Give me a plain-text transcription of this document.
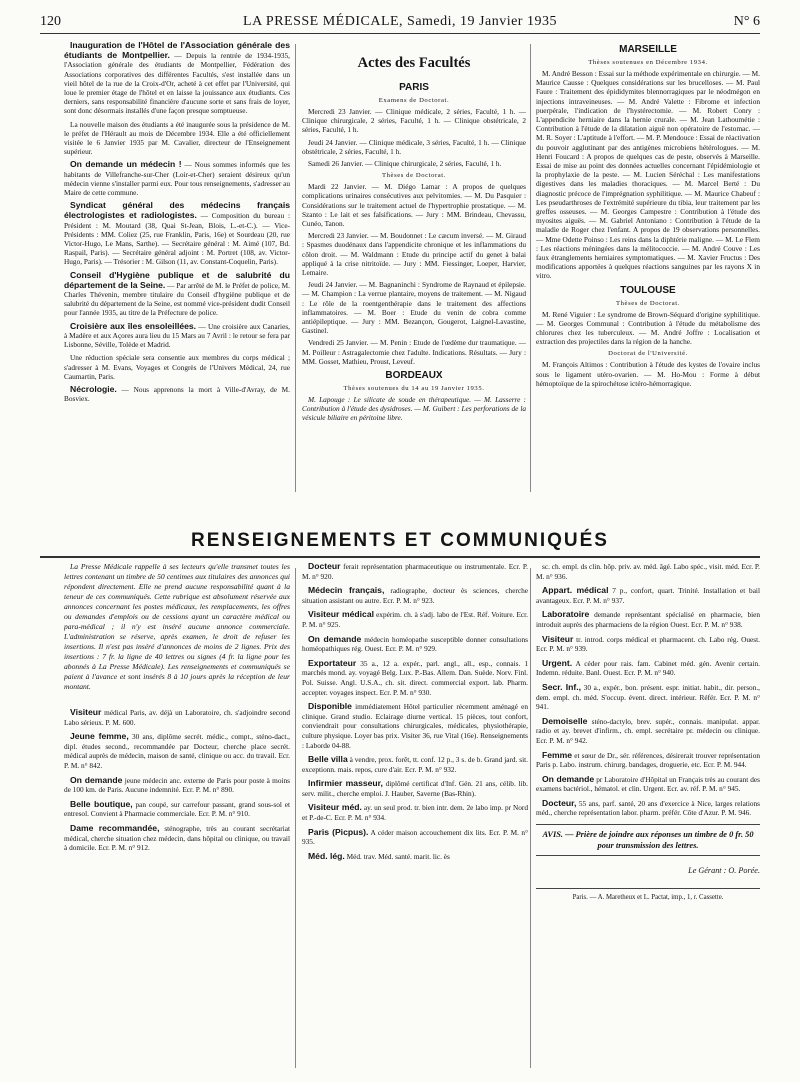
120	LA PRESSE MÉDICALE, Samedi, 19 Janvier 1935	N° 6
Inauguration de l'Hôtel de l'Association générale des étudiants de Montpellier. — Depuis la rentrée de 1934-1935, l'Association générale des étudiants de Montpellier, Fédération des Associations corporatives des différentes Facultés, s'est installée dans un vieil hôtel de la rue de la Croix-d'Or, acheté à cet effet par l'Université, qui loue le premier étage de l'hôtel et en laisse la jouissance aux étudiants. Ces derniers, sans responsabilité financière d'aucune sorte et sans frais de loyer, sont donc désormais installés d'une façon presque somptueuse.
La nouvelle maison des étudiants a été inaugurée sous la présidence de M. le préfet de l'Hérault au mois de Décembre 1934. Elle a été officiellement visitée le 6 Janvier 1935 par M. Cavalier, directeur de l'Enseignement supérieur.
On demande un médecin ! — Nous sommes informés que les habitants de Villefranche-sur-Cher (Loir-et-Cher) seraient désireux qu'un médecin vienne s'installer parmi eux. Pour tous renseignements, s'adresser au Maire de cette commune.
Syndicat général des médecins français électrologistes et radiologistes. — Composition du bureau : Président : M. Moutard (38, Quai St-Jean, Blois, L.-et-C.). — Vice-Présidents : MM. Coliez (25, rue Franklin, Paris, 16e) et Sourdeau (20, rue Victor-Hugo, Le Mans, Sarthe). — Secrétaire général : M. Aimé (107, Bd. Raspail, Paris). — Secrétaire général adjoint : M. Portret (108, av. Victor-Hugo, Paris). — Trésorier : M. Gilson (11, av. Constant-Coquelin, Paris).
Conseil d'Hygiène publique et de salubrité du département de la Seine. — Par arrêté de M. le Préfet de police, M. Charles Thévenin, membre titulaire du Conseil d'hygiène publique et de salubrité du département de la Seine, est nommé vice-président dudit Conseil pour l'année 1935, au titre de la Préfecture de police.
Croisière aux îles ensoleillées. — Une croisière aux Canaries, à Madère et aux Açores aura lieu du 15 Mars au 7 Avril : le retour se fera par Lisbonne, Séville, Tolède et Madrid.
Une réduction spéciale sera consentie aux membres du corps médical ; s'adresser à M. Evans, Voyages et Congrès de l'Univers Médical, 24, rue Caumartin, Paris.
Nécrologie. — Nous apprenons la mort à Ville-d'Avray, de M. Bosviex.
Actes des Facultés
PARIS
Examens de Doctorat.
Mercredi 23 Janvier. — Clinique médicale, 2 séries, Faculté, 1 h. — Clinique chirurgicale, 2 séries, Faculté, 1 h. — Clinique obstétricale, 2 séries, Faculté, 1 h.
Jeudi 24 Janvier. — Clinique médicale, 3 séries, Faculté, 1 h. — Clinique obstétricale, 2 séries, Faculté, 1 h.
Samedi 26 Janvier. — Clinique chirurgicale, 2 séries, Faculté, 1 h.
Thèses de Doctorat.
Mardi 22 Janvier. — M. Diégo Lamar : A propos de quelques complications urinaires consécutives aux pelvitomies. — M. Du Pasquier : Considérations sur le traitement actuel de l'hypertrophie prostatique. — M. Szanto : Le lait et ses falsifications. — Jury : MM. Brindeau, Chevassu, Cunéo, Tanon.
Mercredi 23 Janvier. — M. Boudonnet : Le cæcum inversé. — M. Giraud : Spasmes duodénaux dans l'appendicite chronique et les inflammations du côlon droit. — M. Waldmann : Etude du principe actif du genet à balai appliqué à la crise nitritoïde. — Jury : MM. Fiessinger, Loeper, Harvier, Lemaire.
Jeudi 24 Janvier. — M. Bagnaninchi : Syndrome de Raynaud et épilepsie. — M. Champion : La verrue plantaire, moyens de traitement. — M. Nigaud : Le rôle de la roentgenthérapie dans le traitement des affections inflammatoires. — M. Boer : Etude du venin de cobra comme antiépileptique. — Jury : MM. Bezançon, Gougerot, Laignel-Lavastine, Gastinel.
Vendredi 25 Janvier. — M. Penin : Etude de l'œdème dur traumatique. — M. Poilleur : Astragalectomie chez l'adulte. Indications. Résultats. — Jury : MM. Gosset, Mathieu, Proust, Leveuf.
BORDEAUX
Thèses soutenues du 14 au 19 Janvier 1935.
M. Lapouge : Le silicate de soude en thérapeutique. — M. Lasserre : Contribution à l'étude des dysidroses. — M. Guibert : Les perforations de la vésicule biliaire en péritoine libre.
MARSEILLE
Thèses soutenues en Décembre 1934.
M. André Besson : Essai sur la méthode expérimentale en chirurgie. — M. Maurice Causse : Quelques considérations sur les brucelloses. — M. Paul Faure : Traitement des épididymites blennorragiques par le néodmégon en injections intraveineuses. — M. André Valette : Fibrome et infection puerpérale, l'indication de l'hystérectomie. — M. Robert Conry : L'appendicite herniaire dans la hernie crurale. — M. Jean Lathoumétie : Contribution à l'étude de la dilatation aiguë non opératoire de l'estomac. — M. R. Soyer : L'aptitude à l'effort. — M. P. Mendouce : Essai de réactivation du pouvoir agglutinant par des antigènes microbiens hétérologues. — M. Henri Foucard : A propos de quelques cas de peste, observés à Marseille. Essai de mise au point des données actuelles concernant l'épidémiologie et la prophylaxie de la peste. — M. Lucien Séréchal : Les manifestations digestives dans les maladies thoraciques. — M. Marcel Berté : Du diagnostic précoce de l'imprégnation syphilitique. — M. Maurice Chabeuf : Les pseudarthroses de l'extrémité supérieure du tibia, leur traitement par les greffes osseuses. — M. Georges Campestre : Contribution à l'étude des myosites aiguës. — M. Gabriel Antoniano : Contribution à l'étude de la maladie de Roger chez l'enfant. A propos de 19 observations personnelles. — Mme Odette Poinso : Les reins dans la diphtérie maligne. — M. Le Flem : Les réactions méningées dans la mélitococcie. — M. André Couve : Les faux étranglements herniaires symptomatiques. — M. Xavier Fructus : Des modifications apportées à quelques réactions sanguines par les rayons X in vitro.
TOULOUSE
Thèses de Doctorat.
M. René Viguier : Le syndrome de Brown-Séquard d'origine syphilitique. — M. Georges Communal : Contribution à l'étude du métabolisme des chlorures chez les tuberculeux. — M. André Joffre : Localisation et extraction des projectiles dans la région de la hanche.
Doctorat de l'Université.
M. François Altimos : Contribution à l'étude des kystes de l'ovaire inclus sous le ligament utéro-ovarien. — M. Ho-Mou : Forme à début hémoptoïque de la spirochétose ictéro-hémorragique.
RENSEIGNEMENTS ET COMMUNIQUÉS
La Presse Médicale rappelle à ses lecteurs qu'elle transmet toutes les lettres contenant un timbre de 50 centimes aux titulaires des annonces qui répondent directement. Elle ne prend aucune responsabilité quant à la teneur de ces communiqués. Cette rubrique est absolument réservée aux annonces concernant les postes médicaux, les remplacements, les offres ou demandes d'emplois ou de cessions ayant un caractère médical ou para-médical ; il n'y est inséré aucune annonce commerciale. L'administration se réserve, après examen, le droit de refuser les insertions. Il n'est pas inséré d'annonces de moins de 2 lignes. Prix des insertions : 7 fr. la ligne de 40 lettres ou signes (4 fr. la ligne pour les abonnés à La Presse Médicale). Les renseignements et communiqués se paient à l'avance et sont insérés 8 à 10 jours après la réception de leur montant.
Visiteur médical Paris, av. déjà un Laboratoire, ch. s'adjoindre second Labo sérieux. P. M. 600.
Jeune femme, 30 ans, diplôme secrét. médic., compt., sténo-dact., dipl. études second., recommandée par Docteur, cherche place secrét. médical auprès de médecin, maison de santé, clinique ou acc. du travail. Ecr. P. M. n° 842.
On demande jeune médecin anc. externe de Paris pour poste à moins de 100 km. de Paris. Aucune indemnité. Ecr. P. M. n° 890.
Belle boutique, pan coupé, sur carrefour passant, grand sous-sol et entresol. Convient à Pharmacie commerciale. Ecr. P. M. n° 910.
Dame recommandée, sténographe, très au courant secrétariat médical, cherche situation chez médecin, dans hôpital ou clinique, ou travail à domicile. Ecr. P. M. n° 912.
Docteur ferait représentation pharmaceutique ou instrumentale. Ecr. P. M. n° 920.
Médecin français, radiographe, docteur ès sciences, cherche situation assistant ou autre. Ecr. P. M. n° 923.
Visiteur médical expérim. ch. à s'adj. labo de l'Est. Réf. Voiture. Ecr. P. M. n° 925.
On demande médecin homéopathe susceptible donner consultations homéopathiques rég. Ouest. Ecr. P. M. n° 929.
Exportateur 35 a., 12 a. expér., parl. angl., all., esp., connais. 1 marchés mond. ay. voyagé Belg. Lux. P.-Bas. Allem. Dan. Suède. Norv. Finl. Pol. Suisse. Angl. U.S.A., ch. sit. direct. commercial export. lab. Pharm. accepter. voyages inspect. Ecr. P. M. n° 930.
Disponible immédiatement Hôtel particulier récemment aménagé en clinique. Grand studio. Eclairage diurne vertical. 15 pièces, tout confort, conviendrait pour consultations chirurgicales, médicales, physiothérapie, culture physique. Loyer bas prix. Visiter 36, rue Vital (16e). Renseignements : Laborde 04-88.
Belle villa à vendre, prox. forêt, tt. conf. 12 p., 3 s. de b. Grand jard. sit. exceptionn. mais. repos, cure d'air. Ecr. P. M. n° 932.
Infirmier masseur, diplômé certificat d'Inf. Gén. 21 ans, célib. lib. serv. milit., cherche emploi. J. Hauber, Saverne (Bas-Rhin).
Visiteur méd. ay. un seul prod. tr. bien intr. dem. 2e labo imp. pr Nord et P.-de-C. Ecr. P. M. n° 934.
Paris (Picpus). A céder maison accouchement dix lits. Ecr. P. M. n° 935.
Méd. lég. Méd. trav. Méd. santé. marit. lic. ès
sc. ch. empl. ds clin. hôp. priv. av. méd. âgé. Labo spéc., visit. méd. Ecr. P. M. n° 936.
Appart. médical 7 p., confort, quart. Trinité. Installation et bail avantageux. Ecr. P. M. n° 937.
Laboratoire demande représentant spécialisé en pharmacie, bien introduit auprès des pharmaciens de la région Ouest. Ecr. P. M. n° 938.
Visiteur tr. introd. corps médical et pharmacent. ch. Labo rég. Ouest. Ecr. P. M. n° 939.
Urgent. A céder pour rais. fam. Cabinet méd. gén. Avenir certain. Indemn. réduite. Banl. Ouest. Ecr. P. M. n° 940.
Secr. Inf., 30 a., expér., bon. présent. espr. initiat. habit., dir. person., dem. empl. ch. méd. S'occup. évent. direct. intérieur. Référ. Ecr. P. M. n° 941.
Demoiselle sténo-dactylo, brev. supér., connais. manipulat. appar. radio et ay. brevet d'infirm., ch. empl. secrétaire pr. médecin ou clinique. Ecr. P. M. n° 942.
Femme et sœur de Dr., sér. références, désirerait trouver représentation Paris p. Labo. instrum. chirurg. bandages, droguerie, etc. Ecr. P. M. 944.
On demande pr Laboratoire d'Hôpital un Français très au courant des examens bactériol., hématol. et clin. Urgent. Ecr. av. réf. P. M. n° 945.
Docteur, 55 ans, parf. santé, 20 ans d'exercice à Nice, larges relations méd., cherche représentation labor. pharm. préfér. Côte d'Azur. P. M. 946.
AVIS. — Prière de joindre aux réponses un timbre de 0 fr. 50 pour transmission des lettres.
Le Gérant : O. Porée.
Paris. — A. Maretheux et L. Pactat, imp., 1, r. Cassette.
